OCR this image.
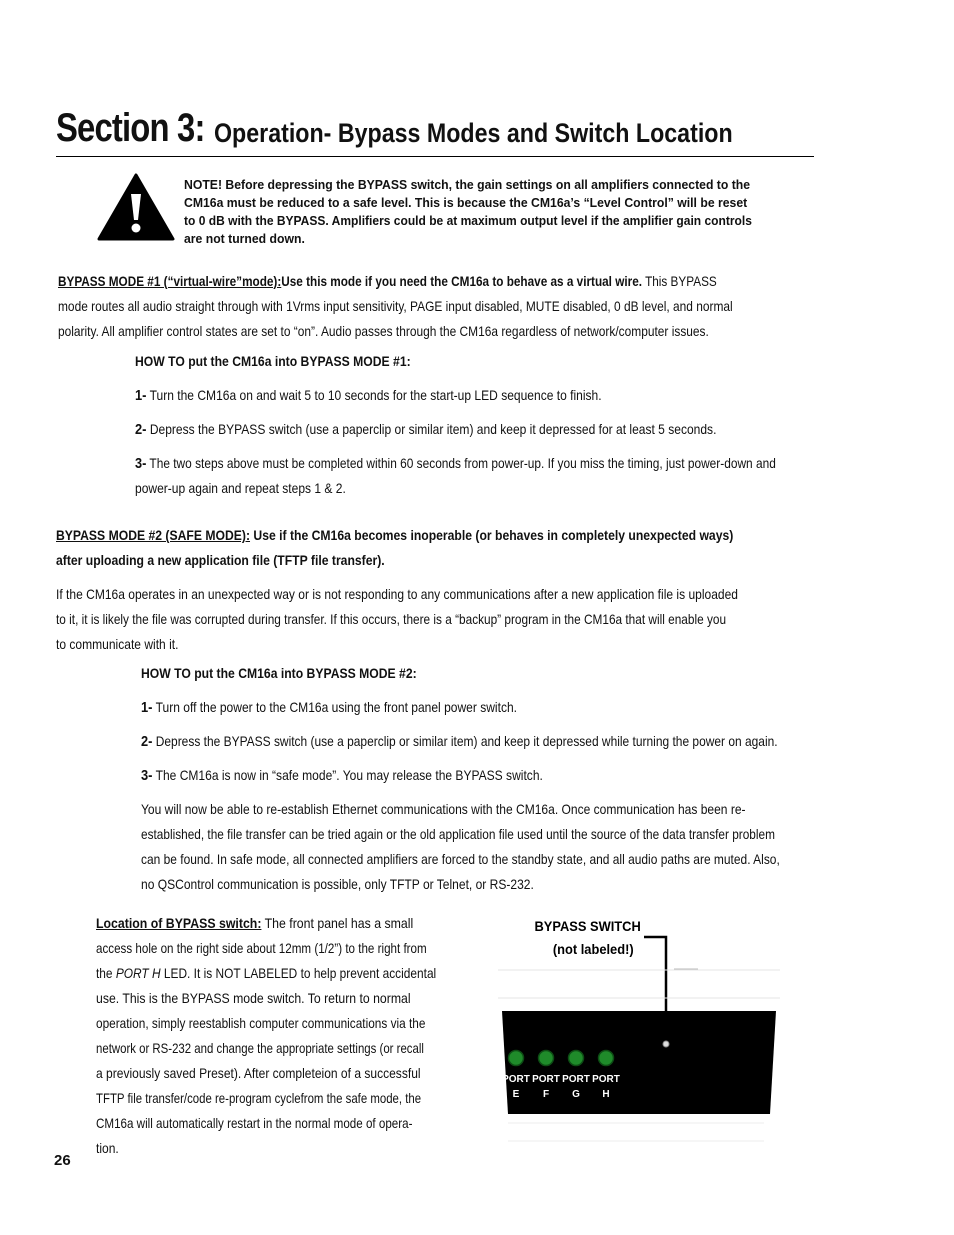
Section 3: Operation- Bypass Modes and Switch Location
NOTE! Before depressing the BYPASS switch, the gain settings on all amplifiers connected to the
CM16a must be reduced to a safe level. This is because the CM16a’s “Level Control” will be reset
to 0 dB with the BYPASS. Amplifiers could be at maximum output level if the amplifier gain controls
are not turned down.
BYPASS MODE #1 (“virtual-wire”mode):Use this mode if you need the CM16a to behave as a virtual wire. This BYPASS
mode routes all audio straight through with 1Vrms input sensitivity, PAGE input disabled, MUTE disabled, 0 dB level, and normal
polarity. All amplifier control states are set to “on”. Audio passes through the CM16a regardless of network/computer issues.
HOW TO put the CM16a into BYPASS MODE #1:
1- Turn the CM16a on and wait 5 to 10 seconds for the start-up LED sequence to finish.
2- Depress the BYPASS switch (use a paperclip or similar item) and keep it depressed for at least 5 seconds.
3- The two steps above must be completed within 60 seconds from power-up. If you miss the timing, just power-down and
power-up again and repeat steps 1 & 2.
BYPASS MODE #2 (SAFE MODE): Use if the CM16a becomes inoperable (or behaves in completely unexpected ways)
after uploading a new application file (TFTP file transfer).
If the CM16a operates in an unexpected way or is not responding to any communications after a new application file is uploaded
to it, it is likely the file was corrupted during transfer. If this occurs, there is a “backup” program in the CM16a that will enable you
to communicate with it.
HOW TO put the CM16a into BYPASS MODE #2:
1- Turn off the power to the CM16a using the front panel power switch.
2- Depress the BYPASS switch (use a paperclip or similar item) and keep it depressed while turning the power on again.
3- The CM16a is now in “safe mode”. You may release the BYPASS switch.
You will now be able to re-establish Ethernet communications with the CM16a. Once communication has been re-
established, the file transfer can be tried again or the old application file used until the source of the data transfer problem
can be found. In safe mode, all connected amplifiers are forced to the standby state, and all audio paths are muted. Also,
no QSControl communication is possible, only TFTP or Telnet, or RS-232.
Location of BYPASS switch: The front panel has a small
access hole on the right side about 12mm (1/2”) to the right from
the PORT H LED. It is NOT LABELED to help prevent accidental
use. This is the BYPASS mode switch. To return to normal
operation, simply reestablish computer communications via the
network or RS-232 and change the appropriate settings (or recall
a previously saved Preset). After completeion of a successful
TFTP file transfer/code re-program cyclefrom the safe mode, the
CM16a will automatically restart in the normal mode of opera-
tion.
BYPASS SWITCH
(not labeled!)
PORT
E
PORT
F
PORT
G
PORT
H
26
